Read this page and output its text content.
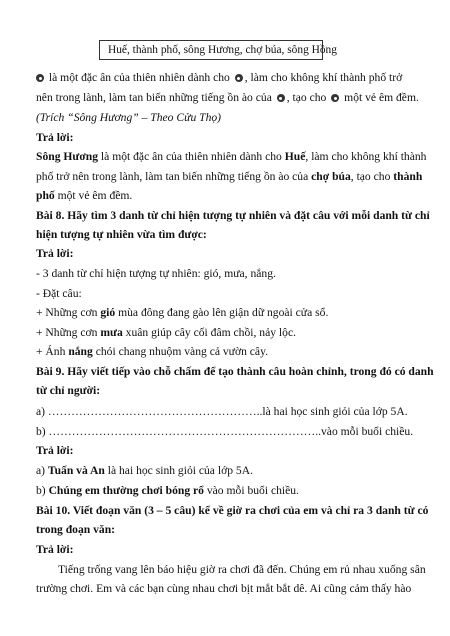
Huế, thành phố, sông Hương, chợ búa, sông Hồng
là một đặc ân của thiên nhiên dành cho , làm cho không khí thành phố trở
nên trong lành, làm tan biến những tiếng ồn ào của , tạo cho một vẻ êm đềm.
(Trích “Sông Hương” – Theo Cửu Thọ)
Trả lời:
Sông Hương là một đặc ân của thiên nhiên dành cho Huế, làm cho không khí thành
phố trở nên trong lành, làm tan biến những tiếng ồn ào của chợ búa, tạo cho thành
phố một vẻ êm đềm.
Bài 8. Hãy tìm 3 danh từ chỉ hiện tượng tự nhiên và đặt câu với mỗi danh từ chỉ
hiện tượng tự nhiên vừa tìm được:
Trả lời:
- 3 danh từ chỉ hiện tượng tự nhiên: gió, mưa, nắng.
- Đặt câu:
+ Những cơn gió mùa đông đang gào lên giận dữ ngoài cửa sổ.
+ Những cơn mưa xuân giúp cây cối đâm chồi, nảy lộc.
+ Ánh nắng chói chang nhuộm vàng cả vườn cây.
Bài 9. Hãy viết tiếp vào chỗ chấm để tạo thành câu hoàn chỉnh, trong đó có danh
từ chỉ người:
a) ………………………………………………..là hai học sinh giỏi của lớp 5A.
b) ……………………………………………………………..vào mỗi buổi chiều.
Trả lời:
a) Tuấn và An là hai học sinh giỏi của lớp 5A.
b) Chúng em thường chơi bóng rổ vào mỗi buổi chiều.
Bài 10. Viết đoạn văn (3 – 5 câu) kể về giờ ra chơi của em và chỉ ra 3 danh từ có
trong đoạn văn:
Trả lời:
Tiếng trống vang lên báo hiệu giờ ra chơi đã đến. Chúng em rủ nhau xuống sân
trường chơi. Em và các bạn cùng nhau chơi bịt mắt bắt dê. Ai cũng cảm thấy hào
